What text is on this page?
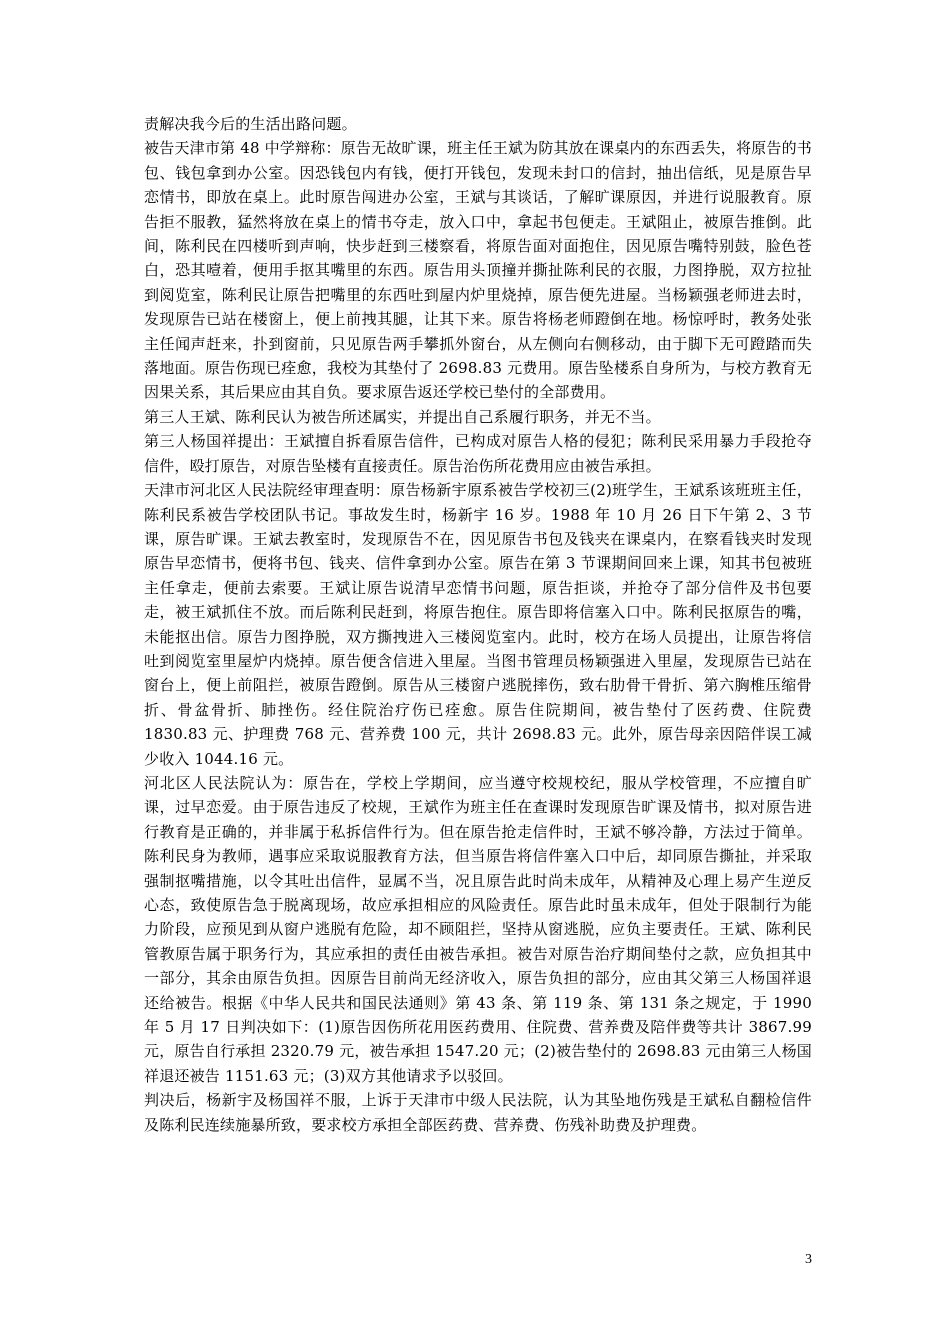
责解决我今后的生活出路问题。

被告天津市第 48 中学辩称：原告无故旷课，班主任王斌为防其放在课桌内的东西丢失，将原告的书包、钱包拿到办公室。因恐钱包内有钱，便打开钱包，发现未封口的信封，抽出信纸，见是原告早恋情书，即放在桌上。此时原告闯进办公室，王斌与其谈话，了解旷课原因，并进行说服教育。原告拒不服教，猛然将放在桌上的情书夺走，放入口中，拿起书包便走。王斌阻止，被原告推倒。此间，陈利民在四楼听到声响，快步赶到三楼察看，将原告面对面抱住，因见原告嘴特别鼓，脸色苍白，恐其噎着，便用手抠其嘴里的东西。原告用头顶撞并撕扯陈利民的衣服，力图挣脱，双方拉扯到阅览室，陈利民让原告把嘴里的东西吐到屋内炉里烧掉，原告便先进屋。当杨颖强老师进去时，发现原告已站在楼窗上，便上前拽其腿，让其下来。原告将杨老师蹬倒在地。杨惊呼时，教务处张主任闻声赶来，扑到窗前，只见原告两手攀抓外窗台，从左侧向右侧移动，由于脚下无可蹬踏而失落地面。原告伤现已痊愈，我校为其垫付了 2698.83 元费用。原告坠楼系自身所为，与校方教育无因果关系，其后果应由其自负。要求原告返还学校已垫付的全部费用。

第三人王斌、陈利民认为被告所述属实，并提出自己系履行职务，并无不当。

第三人杨国祥提出：王斌擅自拆看原告信件，已构成对原告人格的侵犯；陈利民采用暴力手段抢夺信件，殴打原告，对原告坠楼有直接责任。原告治伤所花费用应由被告承担。

天津市河北区人民法院经审理查明：原告杨新宇原系被告学校初三(2)班学生，王斌系该班班主任，陈利民系被告学校团队书记。事故发生时，杨新宇 16 岁。1988 年 10 月 26 日下午第 2、3 节课，原告旷课。王斌去教室时，发现原告不在，因见原告书包及钱夹在课桌内，在察看钱夹时发现原告早恋情书，便将书包、钱夹、信件拿到办公室。原告在第 3 节课期间回来上课，知其书包被班主任拿走，便前去索要。王斌让原告说清早恋情书问题，原告拒谈，并抢夺了部分信件及书包要走，被王斌抓住不放。而后陈利民赶到，将原告抱住。原告即将信塞入口中。陈利民抠原告的嘴，未能抠出信。原告力图挣脱，双方撕拽进入三楼阅览室内。此时，校方在场人员提出，让原告将信吐到阅览室里屋炉内烧掉。原告便含信进入里屋。当图书管理员杨颖强进入里屋，发现原告已站在窗台上，便上前阻拦，被原告蹬倒。原告从三楼窗户逃脱摔伤，致右肋骨干骨折、第六胸椎压缩骨折、骨盆骨折、肺挫伤。经住院治疗伤已痊愈。原告住院期间，被告垫付了医药费、住院费 1830.83 元、护理费 768 元、营养费 100 元，共计 2698.83 元。此外，原告母亲因陪伴误工减少收入 1044.16 元。

河北区人民法院认为：原告在，学校上学期间，应当遵守校规校纪，服从学校管理，不应擅自旷课，过早恋爱。由于原告违反了校规，王斌作为班主任在查课时发现原告旷课及情书，拟对原告进行教育是正确的，并非属于私拆信件行为。但在原告抢走信件时，王斌不够冷静，方法过于简单。陈利民身为教师，遇事应采取说服教育方法，但当原告将信件塞入口中后，却同原告撕扯，并采取强制抠嘴措施，以令其吐出信件，显属不当，况且原告此时尚未成年，从精神及心理上易产生逆反心态，致使原告急于脱离现场，故应承担相应的风险责任。原告此时虽未成年，但处于限制行为能力阶段，应预见到从窗户逃脱有危险，却不顾阻拦，坚持从窗逃脱，应负主要责任。王斌、陈利民管教原告属于职务行为，其应承担的责任由被告承担。被告对原告治疗期间垫付之款，应负担其中一部分，其余由原告负担。因原告目前尚无经济收入，原告负担的部分，应由其父第三人杨国祥退还给被告。根据《中华人民共和国民法通则》第 43 条、第 119 条、第 131 条之规定，于 1990 年 5 月 17 日判决如下：(1)原告因伤所花用医药费用、住院费、营养费及陪伴费等共计 3867.99 元，原告自行承担 2320.79 元，被告承担 1547.20 元；(2)被告垫付的 2698.83 元由第三人杨国祥退还被告 1151.63 元；(3)双方其他请求予以驳回。

判决后，杨新宇及杨国祥不服，上诉于天津市中级人民法院，认为其坠地伤残是王斌私自翻检信件及陈利民连续施暴所致，要求校方承担全部医药费、营养费、伤残补助费及护理费。

3
